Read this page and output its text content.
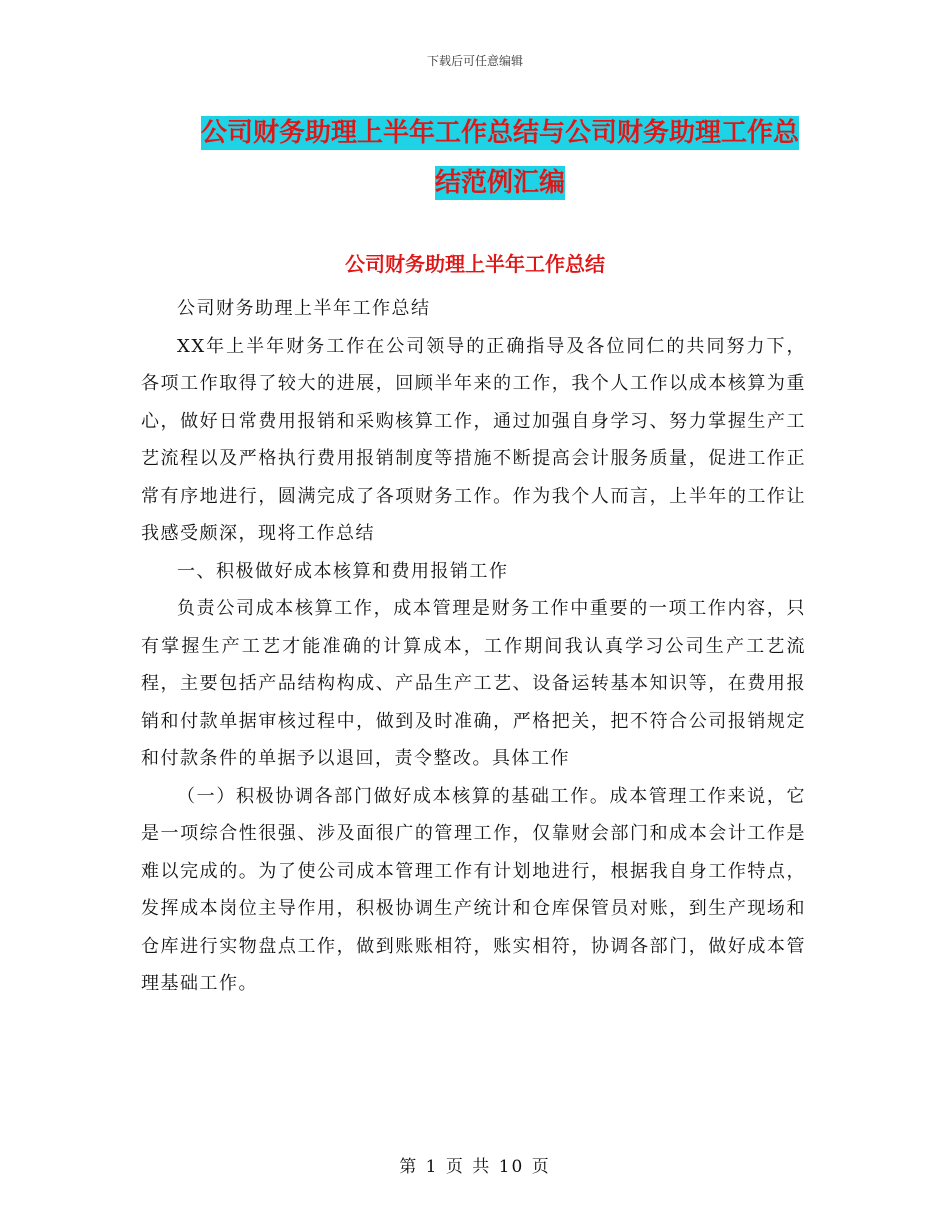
下载后可任意编辑
公司财务助理上半年工作总结与公司财务助理工作总
结范例汇编
公司财务助理上半年工作总结

公司财务助理上半年工作总结

XX年上半年财务工作在公司领导的正确指导及各位同仁的共同努力下，各项工作取得了较大的进展，回顾半年来的工作，我个人工作以成本核算为重心，做好日常费用报销和采购核算工作，通过加强自身学习、努力掌握生产工艺流程以及严格执行费用报销制度等措施不断提高会计服务质量，促进工作正常有序地进行，圆满完成了各项财务工作。作为我个人而言，上半年的工作让我感受颇深，现将工作总结

一、积极做好成本核算和费用报销工作

负责公司成本核算工作，成本管理是财务工作中重要的一项工作内容，只有掌握生产工艺才能准确的计算成本，工作期间我认真学习公司生产工艺流程，主要包括产品结构构成、产品生产工艺、设备运转基本知识等，在费用报销和付款单据审核过程中，做到及时准确，严格把关，把不符合公司报销规定和付款条件的单据予以退回，责令整改。具体工作

（一）积极协调各部门做好成本核算的基础工作。成本管理工作来说，它是一项综合性很强、涉及面很广的管理工作，仅靠财会部门和成本会计工作是难以完成的。为了使公司成本管理工作有计划地进行，根据我自身工作特点，发挥成本岗位主导作用，积极协调生产统计和仓库保管员对账，到生产现场和仓库进行实物盘点工作，做到账账相符，账实相符，协调各部门，做好成本管理基础工作。

第 1 页 共 10 页
